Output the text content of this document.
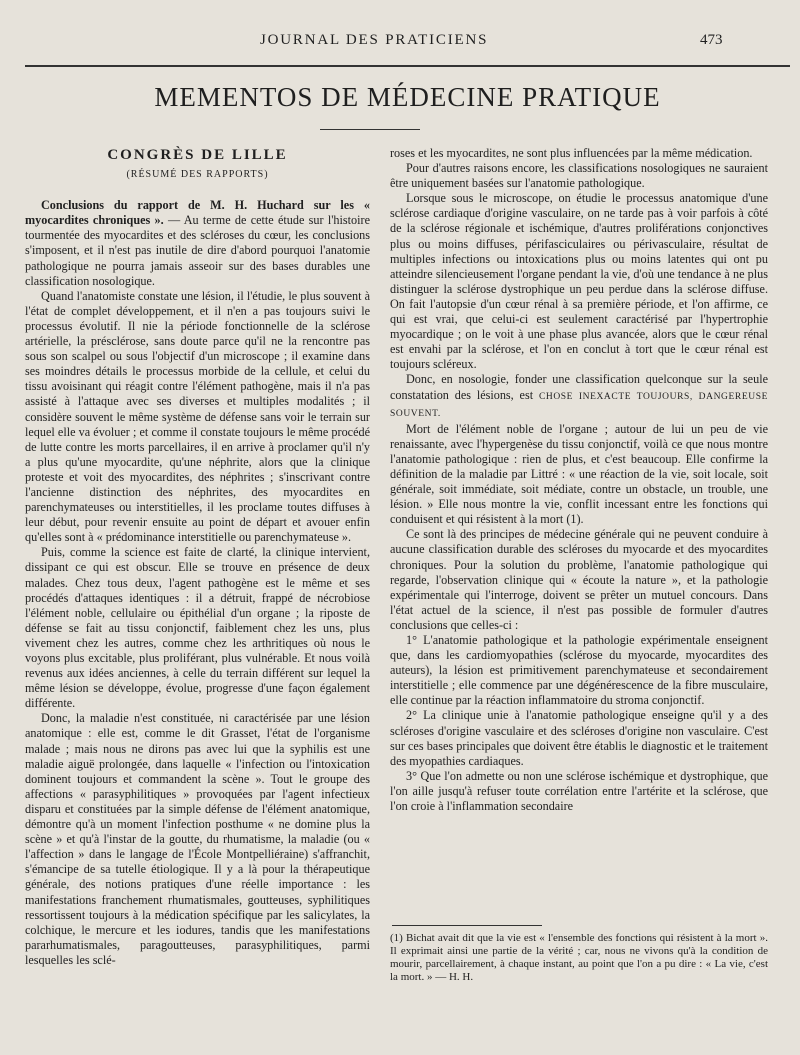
JOURNAL DES PRATICIENS	473
MEMENTOS DE MÉDECINE PRATIQUE
CONGRÈS DE LILLE
(RÉSUMÉ DES RAPPORTS)

Conclusions du rapport de M. H. Huchard sur les « myocardites chroniques ». — Au terme de cette étude sur l'histoire tourmentée des myocardites et des scléroses du cœur, les conclusions s'imposent, et il n'est pas inutile de dire d'abord pourquoi l'anatomie pathologique ne pourra jamais asseoir sur des bases durables une classification nosologique.

Quand l'anatomiste constate une lésion, il l'étudie, le plus souvent à l'état de complet développement, et il n'en a pas toujours suivi le processus évolutif. Il nie la période fonctionnelle de la sclérose artérielle, la présclérose, sans doute parce qu'il ne la rencontre pas sous son scalpel ou sous l'objectif d'un microscope ; il examine dans ses moindres détails le processus morbide de la cellule, et celui du tissu avoisinant qui réagit contre l'élément pathogène, mais il n'a pas assisté à l'attaque avec ses diverses et multiples modalités ; il considère souvent le même système de défense sans voir le terrain sur lequel elle va évoluer ; et comme il constate toujours le même procédé de lutte contre les morts parcellaires, il en arrive à proclamer qu'il n'y a plus qu'une myocardite, qu'une néphrite, alors que la clinique proteste et voit des myocardites, des néphrites ; s'inscrivant contre l'ancienne distinction des néphrites, des myocardites en parenchymateuses ou interstitielles, il les proclame toutes diffuses à leur début, pour revenir ensuite au point de départ et avouer enfin qu'elles sont à « prédominance interstitielle ou parenchymateuse ».

Puis, comme la science est faite de clarté, la clinique intervient, dissipant ce qui est obscur. Elle se trouve en présence de deux malades. Chez tous deux, l'agent pathogène est le même et ses procédés d'attaques identiques : il a détruit, frappé de nécrobiose l'élément noble, cellulaire ou épithélial d'un organe ; la riposte de défense se fait au tissu conjonctif, faiblement chez les uns, plus vivement chez les autres, comme chez les arthritiques où nous le voyons plus excitable, plus proliférant, plus vulnérable. Et nous voilà revenus aux idées anciennes, à celle du terrain différent sur lequel la même lésion se développe, évolue, progresse d'une façon également différente.

Donc, la maladie n'est constituée, ni caractérisée par une lésion anatomique : elle est, comme le dit Grasset, l'état de l'organisme malade ; mais nous ne dirons pas avec lui que la syphilis est une maladie aiguë prolongée, dans laquelle « l'infection ou l'intoxication dominent toujours et commandent la scène ». Tout le groupe des affections « parasyphilitiques » provoquées par l'agent infectieux disparu et constituées par la simple défense de l'élément anatomique, démontre qu'à un moment l'infection posthume « ne domine plus la scène » et qu'à l'instar de la goutte, du rhumatisme, la maladie (ou « l'affection » dans le langage de l'École Montpelliéraine) s'affranchit, s'émancipe de sa tutelle étiologique. Il y a là pour la thérapeutique générale, des notions pratiques d'une réelle importance : les manifestations franchement rhumatismales, goutteuses, syphilitiques ressortissent toujours à la médication spécifique par les salicylates, la colchique, le mercure et les iodures, tandis que les manifestations pararhumatismales, paragoutteuses, parasyphilitiques, parmi lesquelles les sclé-

roses et les myocardites, ne sont plus influencées par la même médication.

Pour d'autres raisons encore, les classifications nosologiques ne sauraient être uniquement basées sur l'anatomie pathologique.

Lorsque sous le microscope, on étudie le processus anatomique d'une sclérose cardiaque d'origine vasculaire, on ne tarde pas à voir parfois à côté de la sclérose régionale et ischémique, d'autres proliférations conjonctives plus ou moins diffuses, périfasciculaires ou périvasculaire, résultat de multiples infections ou intoxications plus ou moins latentes qui ont pu atteindre silencieusement l'organe pendant la vie, d'où une tendance à ne plus distinguer la sclérose dystrophique un peu perdue dans la sclérose diffuse. On fait l'autopsie d'un cœur rénal à sa première période, et l'on affirme, ce qui est vrai, que celui-ci est seulement caractérisé par l'hypertrophie myocardique ; on le voit à une phase plus avancée, alors que le cœur rénal est envahi par la sclérose, et l'on en conclut à tort que le cœur rénal est toujours scléreux.

Donc, en nosologie, fonder une classification quelconque sur la seule constatation des lésions, est CHOSE INEXACTE TOUJOURS, DANGEREUSE SOUVENT.

Mort de l'élément noble de l'organe ; autour de lui un peu de vie renaissante, avec l'hypergenèse du tissu conjonctif, voilà ce que nous montre l'anatomie pathologique : rien de plus, et c'est beaucoup. Elle confirme la définition de la maladie par Littré : « une réaction de la vie, soit locale, soit générale, soit immédiate, soit médiate, contre un obstacle, un trouble, une lésion. » Elle nous montre la vie, conflit incessant entre les fonctions qui conduisent et qui résistent à la mort (1).

Ce sont là des principes de médecine générale qui ne peuvent conduire à aucune classification durable des scléroses du myocarde et des myocardites chroniques. Pour la solution du problème, l'anatomie pathologique qui regarde, l'observation clinique qui « écoute la nature », et la pathologie expérimentale qui l'interroge, doivent se prêter un mutuel concours. Dans l'état actuel de la science, il n'est pas possible de formuler d'autres conclusions que celles-ci :

1° L'anatomie pathologique et la pathologie expérimentale enseignent que, dans les cardiomyopathies (sclérose du myocarde, myocardites des auteurs), la lésion est primitivement parenchymateuse et secondairement interstitielle ; elle commence par une dégénérescence de la fibre musculaire, elle continue par la réaction inflammatoire du stroma conjonctif.

2° La clinique unie à l'anatomie pathologique enseigne qu'il y a des scléroses d'origine vasculaire et des scléroses d'origine non vasculaire. C'est sur ces bases principales que doivent être établis le diagnostic et le traitement des myopathies cardiaques.

3° Que l'on admette ou non une sclérose ischémique et dystrophique, que l'on aille jusqu'à refuser toute corrélation entre l'artérite et la sclérose, que l'on croie à l'inflammation secondaire

(1) Bichat avait dit que la vie est « l'ensemble des fonctions qui résistent à la mort ». Il exprimait ainsi une partie de la vérité ; car, nous ne vivons qu'à la condition de mourir, parcellairement, à chaque instant, au point que l'on a pu dire : « La vie, c'est la mort. » — H. H.
